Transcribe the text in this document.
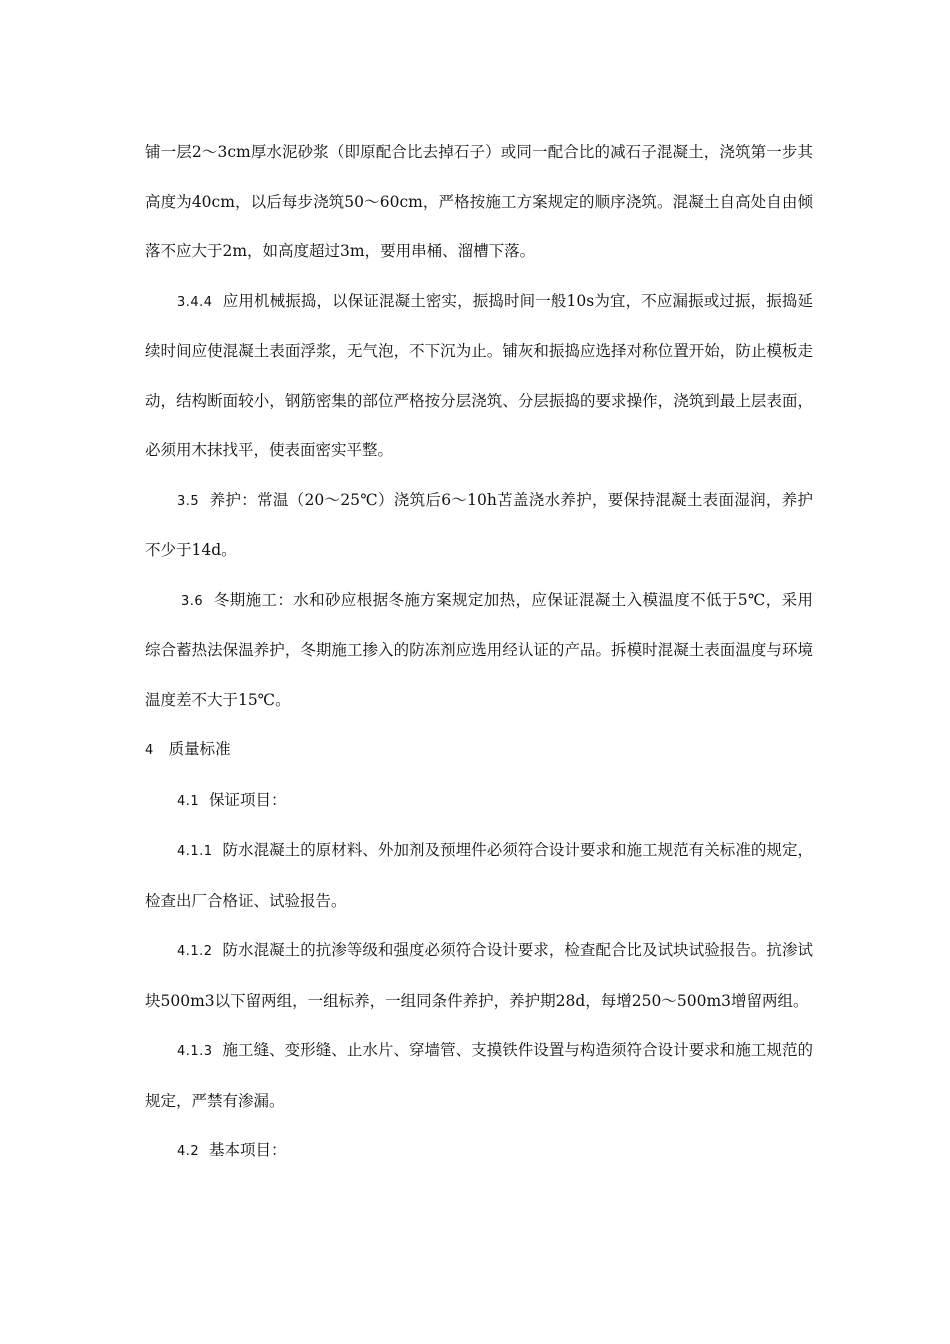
铺一层2～3cm厚水泥砂浆（即原配合比去掉石子）或同一配合比的减石子混凝土，浇筑第一步其高度为40cm，以后每步浇筑50～60cm，严格按施工方案规定的顺序浇筑。混凝土自高处自由倾落不应大于2m，如高度超过3m，要用串桶、溜槽下落。

3.4.4 应用机械振捣，以保证混凝土密实，振捣时间一般10s为宜，不应漏振或过振，振捣延续时间应使混凝土表面浮浆，无气泡，不下沉为止。铺灰和振捣应选择对称位置开始，防止模板走动，结构断面较小，钢筋密集的部位严格按分层浇筑、分层振捣的要求操作，浇筑到最上层表面，必须用木抹找平，使表面密实平整。

3.5 养护：常温（20～25℃）浇筑后6～10h苫盖浇水养护，要保持混凝土表面湿润，养护不少于14d。

3.6 冬期施工：水和砂应根据冬施方案规定加热，应保证混凝土入模温度不低于5℃，采用综合蓄热法保温养护，冬期施工掺入的防冻剂应选用经认证的产品。拆模时混凝土表面温度与环境温度差不大于15℃。

4 质量标准

4.1 保证项目：

4.1.1 防水混凝土的原材料、外加剂及预埋件必须符合设计要求和施工规范有关标准的规定，检查出厂合格证、试验报告。

4.1.2 防水混凝土的抗渗等级和强度必须符合设计要求，检查配合比及试块试验报告。抗渗试块500m3以下留两组，一组标养，一组同条件养护，养护期28d，每增250～500m3增留两组。

4.1.3 施工缝、变形缝、止水片、穿墙管、支摸铁件设置与构造须符合设计要求和施工规范的规定，严禁有渗漏。

4.2 基本项目：
